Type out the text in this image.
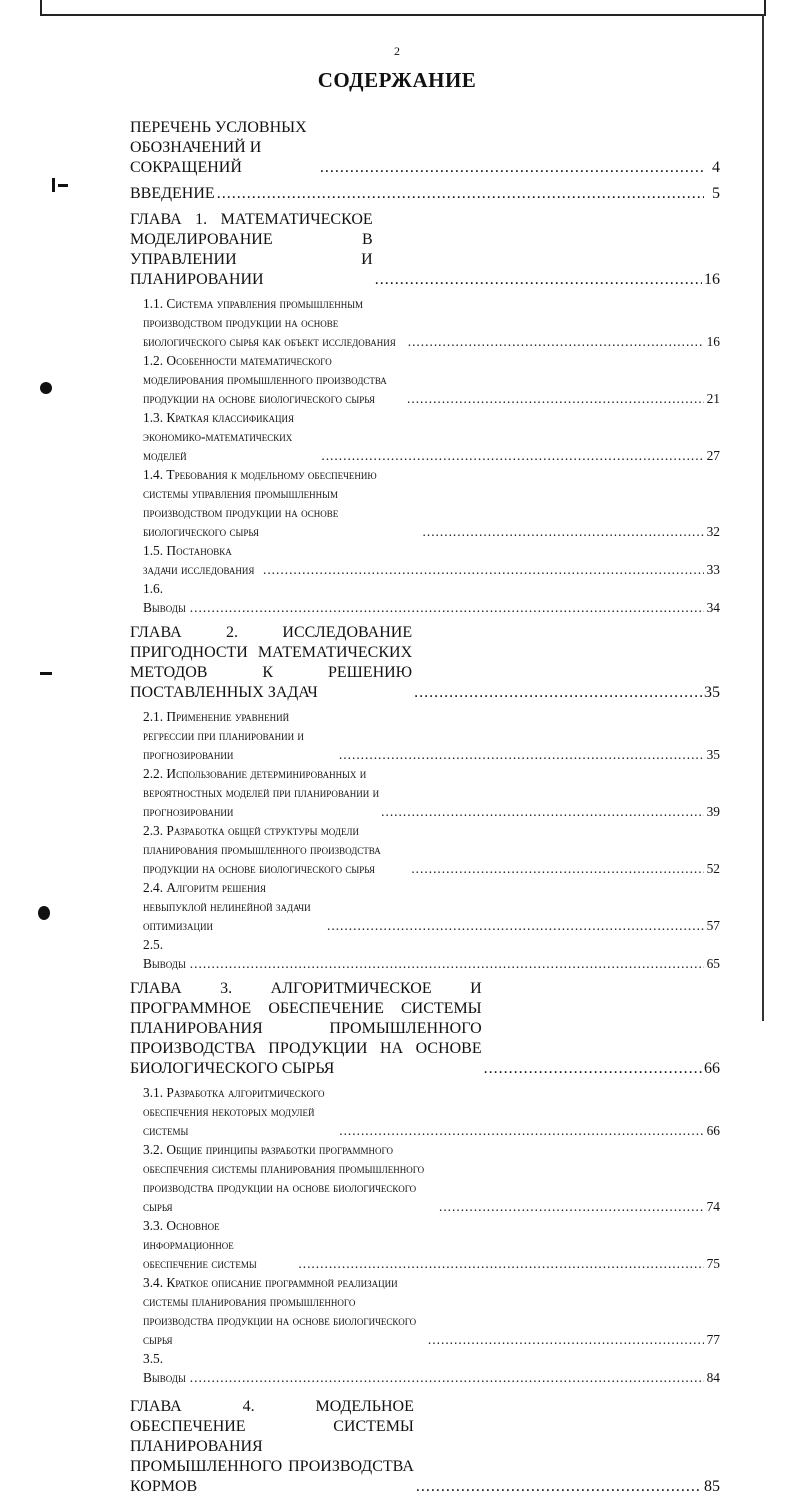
2
СОДЕРЖАНИЕ
ПЕРЕЧЕНЬ УСЛОВНЫХ ОБОЗНАЧЕНИЙ И СОКРАЩЕНИЙ .....	4
ВВЕДЕНИЕ .....	5
ГЛАВА 1. МАТЕМАТИЧЕСКОЕ МОДЕЛИРОВАНИЕ В УПРАВЛЕНИИ И ПЛАНИРОВАНИИ .....	16
1.1. Система управления промышленным производством продукции на основе биологического сырья как объект исследования .....	16
1.2. Особенности математического моделирования промышленного производства продукции на основе биологического сырья .....	21
1.3. Краткая классификация экономико-математических моделей .....	27
1.4. Требования к модельному обеспечению системы управления промышленным производством продукции на основе биологического сырья .....	32
1.5. Постановка задачи исследования .....	33
1.6. Выводы .....	34
ГЛАВА 2. ИССЛЕДОВАНИЕ ПРИГОДНОСТИ МАТЕМАТИЧЕСКИХ МЕТОДОВ К РЕШЕНИЮ ПОСТАВЛЕННЫХ ЗАДАЧ .....	35
2.1. Применение уравнений регрессии при планировании и прогнозировании .....	35
2.2. Использование детерминированных и вероятностных моделей при планировании и прогнозировании .....	39
2.3. Разработка общей структуры модели планирования промышленного производства продукции на основе биологического сырья .....	52
2.4. Алгоритм решения невыпуклой нелинейной задачи оптимизации .....	57
2.5. Выводы .....	65
ГЛАВА 3. АЛГОРИТМИЧЕСКОЕ И ПРОГРАММНОЕ ОБЕСПЕЧЕНИЕ СИСТЕМЫ ПЛАНИРОВАНИЯ ПРОМЫШЛЕННОГО ПРОИЗВОДСТВА ПРОДУКЦИИ НА ОСНОВЕ БИОЛОГИЧЕСКОГО СЫРЬЯ .....	66
3.1. Разработка алгоритмического обеспечения некоторых модулей системы .....	66
3.2. Общие принципы разработки программного обеспечения системы планирования промышленного производства продукции на основе биологического сырья .....	74
3.3. Основное информационное обеспечение системы .....	75
3.4. Краткое описание программной реализации системы планирования промышленного производства продукции на основе биологического сырья .....	77
3.5. Выводы .....	84
ГЛАВА 4. МОДЕЛЬНОЕ ОБЕСПЕЧЕНИЕ СИСТЕМЫ ПЛАНИРОВАНИЯ ПРОМЫШЛЕННОГО ПРОИЗВОДСТВА КОРМОВ .....	85
